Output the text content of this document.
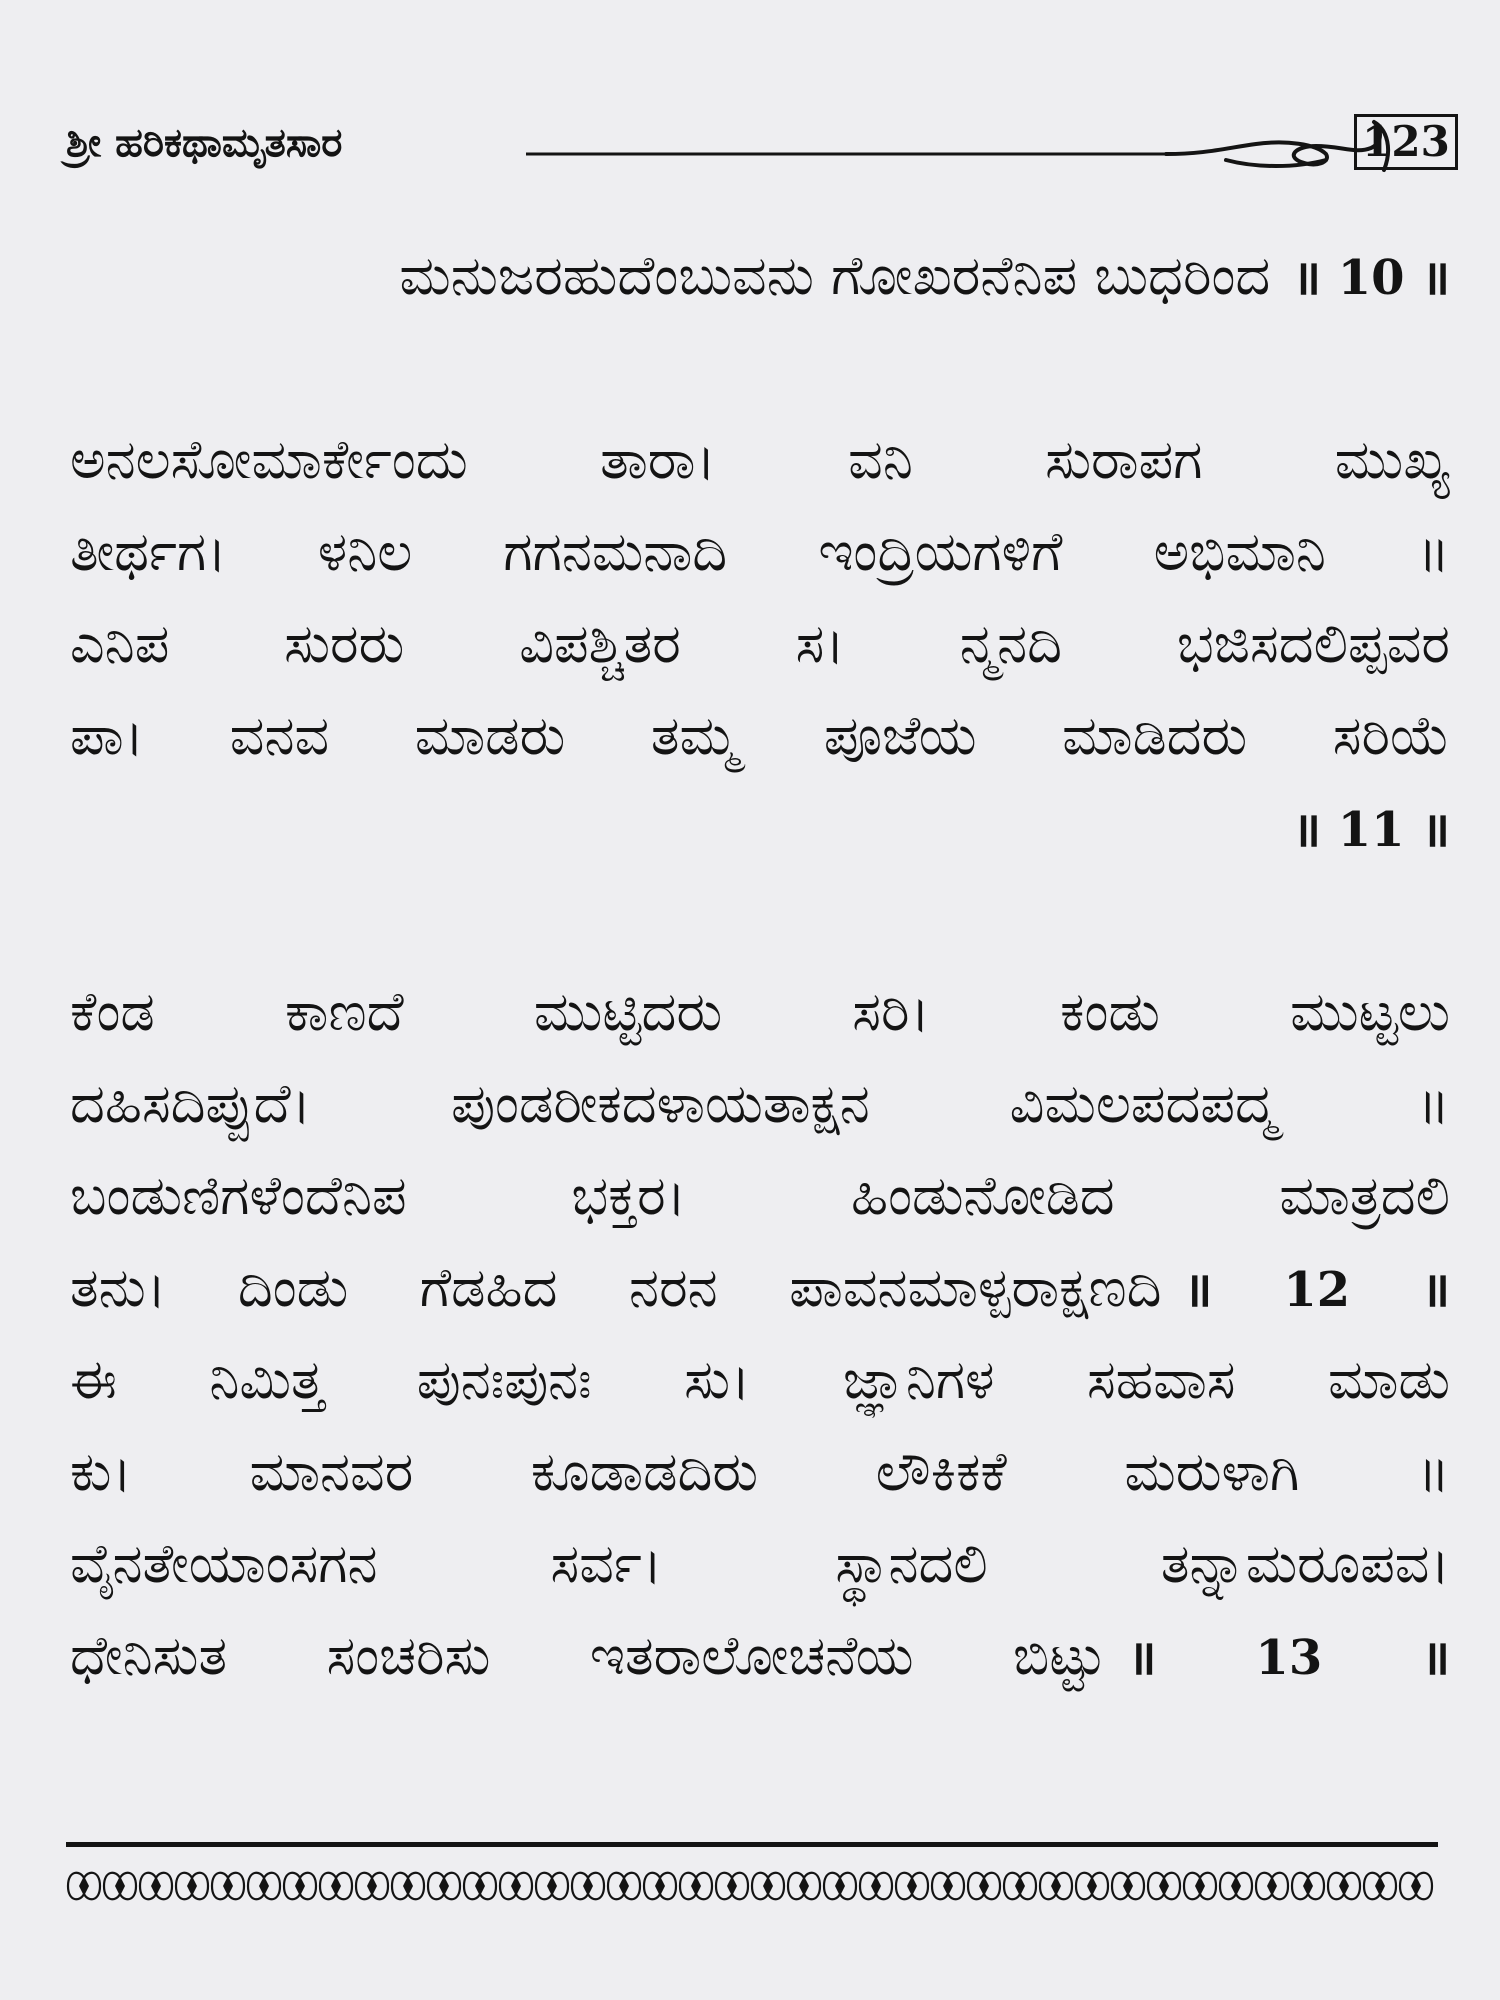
ಶ್ರೀ ಹರಿಕಥಾಮೃತಸಾರ	123
ಮನುಜರಹುದೆಂಬುವನು ಗೋಖರನೆನಿಪ ಬುಧರಿಂದ ॥ 10 ॥
ಅನಲಸೋಮಾರ್ಕೇಂದು ತಾರಾ। ವನಿ ಸುರಾಪಗ ಮುಖ್ಯ
ತೀರ್ಥಗ। ಳನಿಲ ಗಗನಮನಾದಿ ಇಂದ್ರಿಯಗಳಿಗೆ ಅಭಿಮಾನಿ ॥
ಎನಿಪ ಸುರರು ವಿಪಶ್ಚಿತರ ಸ। ನ್ಮನದಿ ಭಜಿಸದಲಿಪ್ಪವರ
ಪಾ। ವನವ ಮಾಡರು ತಮ್ಮ ಪೂಜೆಯ ಮಾಡಿದರು ಸರಿಯೆ
॥ 11 ॥
ಕೆಂಡ ಕಾಣದೆ ಮುಟ್ಟಿದರು ಸರಿ। ಕಂಡು ಮುಟ್ಟಲು
ದಹಿಸದಿಪ್ಪುದೆ। ಪುಂಡರೀಕದಳಾಯತಾಕ್ಷನ ವಿಮಲಪದಪದ್ಮ ॥
ಬಂಡುಣಿಗಳೆಂದೆನಿಪ ಭಕ್ತರ। ಹಿಂಡುನೋಡಿದ ಮಾತ್ರದಲಿ
ತನು। ದಿಂಡು ಗೆಡಹಿದ ನರನ ಪಾವನಮಾಳ್ಪರಾಕ್ಷಣದಿ ॥ 12 ॥
ಈ ನಿಮಿತ್ತ ಪುನಃಪುನಃ ಸು। ಜ್ಞಾನಿಗಳ ಸಹವಾಸ ಮಾಡು
ಕು। ಮಾನವರ ಕೂಡಾಡದಿರು ಲೌಕಿಕಕೆ ಮರುಳಾಗಿ ॥
ವೈನತೇಯಾಂಸಗನ ಸರ್ವ। ಸ್ಥಾನದಲಿ ತನ್ನಾಮರೂಪವ।
ಧೇನಿಸುತ ಸಂಚರಿಸು ಇತರಾಲೋಚನೆಯ ಬಿಟ್ಟು ॥ 13 ॥
